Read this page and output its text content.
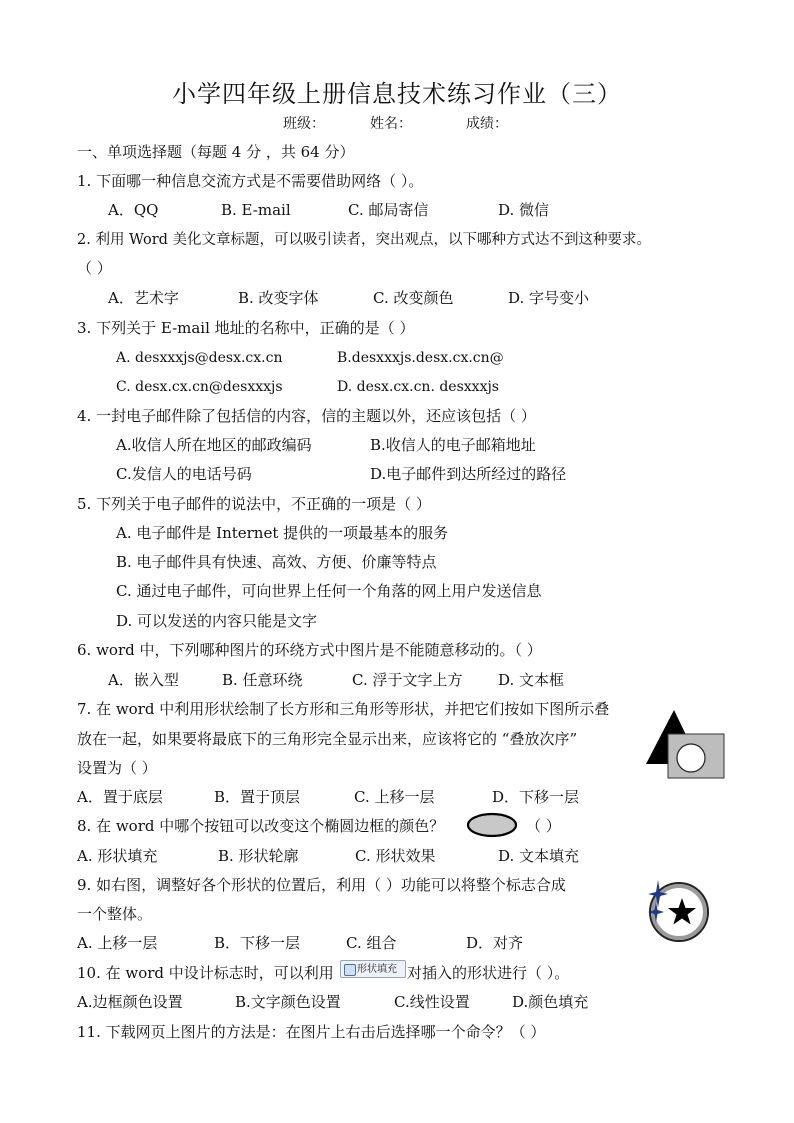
小学四年级上册信息技术练习作业（三）
班级：	姓名：	成绩：
一、单项选择题（每题 4 分 ，共 64 分）
1. 下面哪一种信息交流方式是不需要借助网络（ ）。
A．QQ	B. E-mail	C. 邮局寄信	D. 微信
2. 利用 Word 美化文章标题，可以吸引读者，突出观点，以下哪种方式达不到这种要求。
（ ）
A．艺术字	B. 改变字体	C. 改变颜色	D. 字号变小
3. 下列关于 E-mail 地址的名称中，正确的是（ ）
A. desxxxjs@desx.cx.cn	B.desxxxjs.desx.cx.cn@
C. desx.cx.cn@desxxxjs	D. desx.cx.cn. desxxxjs
4. 一封电子邮件除了包括信的内容，信的主题以外，还应该包括（ ）
A.收信人所在地区的邮政编码	B.收信人的电子邮箱地址
C.发信人的电话号码	D.电子邮件到达所经过的路径
5. 下列关于电子邮件的说法中，不正确的一项是（ ）
A. 电子邮件是 Internet 提供的一项最基本的服务
B. 电子邮件具有快速、高效、方便、价廉等特点
C. 通过电子邮件，可向世界上任何一个角落的网上用户发送信息
D. 可以发送的内容只能是文字
6. word 中，下列哪种图片的环绕方式中图片是不能随意移动的。（ ）
A．嵌入型	B. 任意环绕	C. 浮于文字上方 D. 文本框
7. 在 word 中利用形状绘制了长方形和三角形等形状，并把它们按如下图所示叠
放在一起，如果要将最底下的三角形完全显示出来，应该将它的 “叠放次序”
设置为（ ）
A．置于底层	B．置于顶层	C. 上移一层	D．下移一层
8. 在 word 中哪个按钮可以改变这个椭圆边框的颜色？	（ ）
A. 形状填充	B. 形状轮廓	C. 形状效果	D. 文本填充
9. 如右图，调整好各个形状的位置后，利用（ ）功能可以将整个标志合成
一个整体。
A. 上移一层	B．下移一层	C. 组合	D．对齐
10. 在 word 中设计标志时，可以利用	形状填充 对插入的形状进行（ ）。
A.边框颜色设置	B.文字颜色设置	C.线性设置	D.颜色填充
11. 下载网页上图片的方法是：在图片上右击后选择哪一个命令？（ ）
